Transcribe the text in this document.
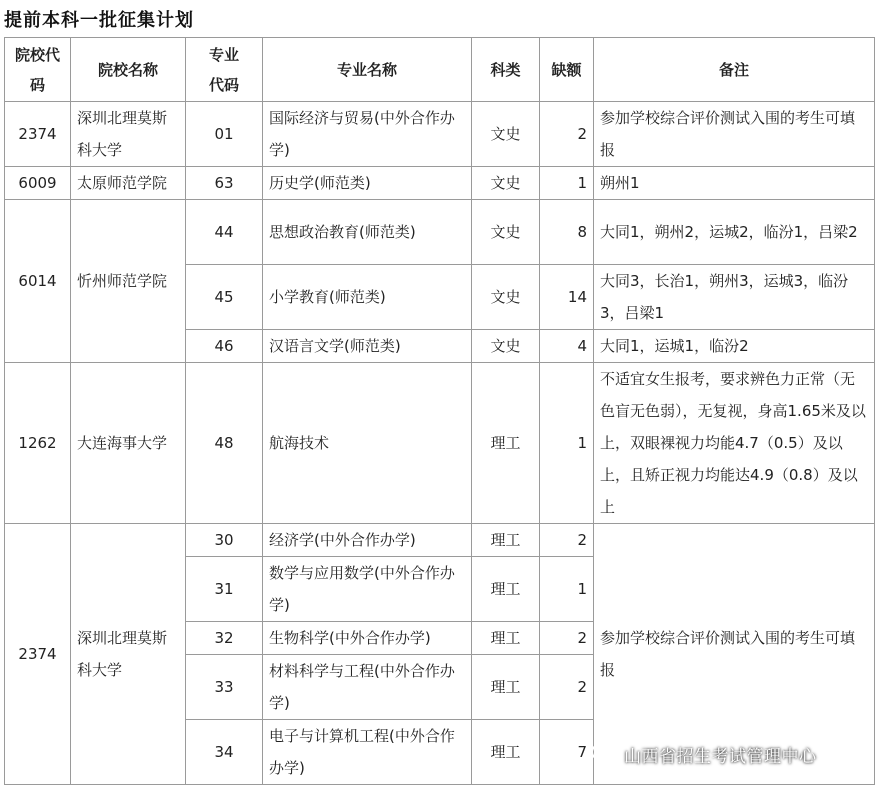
提前本科一批征集计划
院校代码	院校名称	专业代码	专业名称	科类	缺额	备注
2374	深圳北理莫斯科大学	01	国际经济与贸易(中外合作办学)	文史	2	参加学校综合评价测试入围的考生可填报
6009	太原师范学院	63	历史学(师范类)	文史	1	朔州1
6014	忻州师范学院	44	思想政治教育(师范类)	文史	8	大同1，朔州2，运城2，临汾1，吕梁2
		45	小学教育(师范类)	文史	14	大同3，长治1，朔州3，运城3，临汾3，吕梁1
		46	汉语言文学(师范类)	文史	4	大同1，运城1，临汾2
1262	大连海事大学	48	航海技术	理工	1	不适宜女生报考，要求辨色力正常（无色盲无色弱），无复视，身高1.65米及以上，双眼裸视力均能4.7（0.5）及以上，且矫正视力均能达4.9（0.8）及以上
2374	深圳北理莫斯科大学	30	经济学(中外合作办学)	理工	2	参加学校综合评价测试入围的考生可填报
		31	数学与应用数学(中外合作办学)	理工	1	
		32	生物科学(中外合作办学)	理工	2	
		33	材料科学与工程(中外合作办学)	理工	2	
		34	电子与计算机工程(中外合作办学)	理工	7	山西省招生考试管理中心
